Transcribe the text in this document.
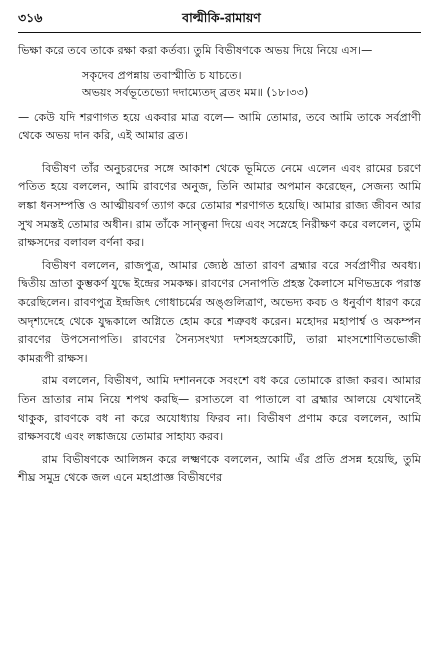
৩১৬	বাল্মীকি-রামায়ণ

ভিক্ষা করে তবে তাকে রক্ষা করা কর্তব্য। তুমি বিভীষণকে অভয় দিয়ে নিয়ে এস।—

সকৃদেব প্রপন্নায় তবাস্মীতি চ যাচতে।
অভয়ং সর্বভূতেভ্যো দদাম্যেতদ্ ব্রতং মম॥ (১৮।৩৩)

— কেউ যদি শরণাগত হয়ে একবার মাত্র বলে— আমি তোমার, তবে আমি তাকে সর্বপ্রাণী থেকে অভয় দান করি, এই আমার ব্রত।

বিভীষণ তাঁর অনুচরদের সঙ্গে আকাশ থেকে ভূমিতে নেমে এলেন এবং রামের চরণে পতিত হয়ে বললেন, আমি রাবণের অনুজ, তিনি আমার অপমান করেছেন, সেজন্য আমি লঙ্কা ধনসম্পত্তি ও আত্মীয়বর্গ ত্যাগ করে তোমার শরণাগত হয়েছি। আমার রাজ্য জীবন আর সুখ সমস্তই তোমার অধীন। রাম তাঁকে সান্ত্বনা দিয়ে এবং সস্নেহে নিরীক্ষণ করে বললেন, তুমি রাক্ষসদের বলাবল বর্ণনা কর।

বিভীষণ বললেন, রাজপুত্র, আমার জ্যেষ্ঠ ভ্রাতা রাবণ ব্রহ্মার বরে সর্বপ্রাণীর অবধ্য। দ্বিতীয় ভ্রাতা কুম্ভকর্ণ যুদ্ধে ইন্দ্রের সমকক্ষ। রাবণের সেনাপতি প্রহস্ত কৈলাসে মণিভদ্রকে পরাস্ত করেছিলেন। রাবণপুত্র ইন্দ্রজিৎ গোধাচর্মের অঙ্গুলিত্রাণ, অভেদ্য কবচ ও ধনুর্বাণ ধারণ করে অদৃশ্যদেহে থেকে যুদ্ধকালে অগ্নিতে হোম করে শত্রুবধ করেন। মহোদর মহাপার্শ্ব ও অকম্পন রাবণের উপসেনাপতি। রাবণের সৈন্যসংখ্যা দশসহস্রকোটি, তারা মাংসশোণিতভোজী কামরূপী রাক্ষস।

রাম বললেন, বিভীষণ, আমি দশাননকে সবংশে বধ করে তোমাকে রাজা করব। আমার তিন ভ্রাতার নাম নিয়ে শপথ করছি— রসাতলে বা পাতালে বা ব্রহ্মার আলয়ে যেখানেই থাকুক, রাবণকে বধ না করে অযোধ্যায় ফিরব না। বিভীষণ প্রণাম করে বললেন, আমি রাক্ষসবধে এবং লঙ্কাজয়ে তোমার সাহায্য করব।

রাম বিভীষণকে আলিঙ্গন করে লক্ষ্মণকে বললেন, আমি এঁর প্রতি প্রসন্ন হয়েছি, তুমি শীঘ্র সমুদ্র থেকে জল এনে মহাপ্রাজ্ঞ বিভীষণের
